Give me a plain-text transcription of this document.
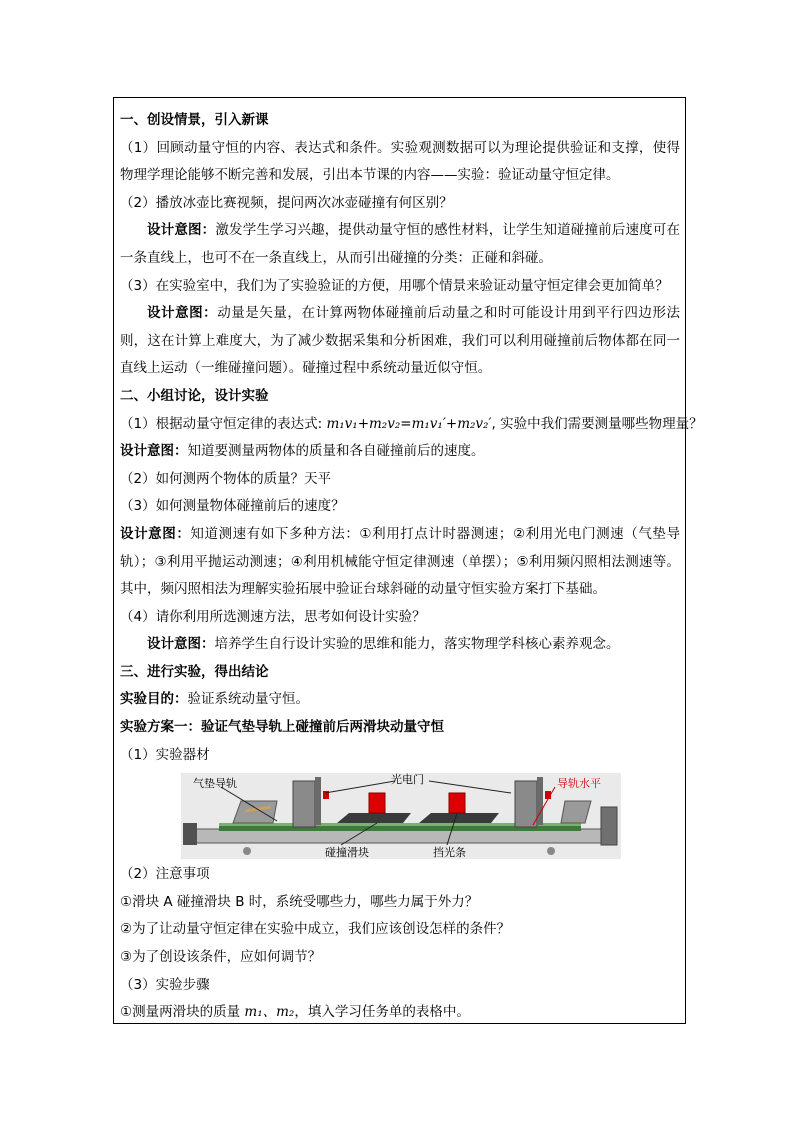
一、创设情景，引入新课
（1）回顾动量守恒的内容、表达式和条件。实验观测数据可以为理论提供验证和支撑，使得物理学理论能够不断完善和发展，引出本节课的内容——实验：验证动量守恒定律。
（2）播放冰壶比赛视频，提问两次冰壶碰撞有何区别？
设计意图：激发学生学习兴趣，提供动量守恒的感性材料，让学生知道碰撞前后速度可在一条直线上，也可不在一条直线上，从而引出碰撞的分类：正碰和斜碰。
（3）在实验室中，我们为了实验验证的方便，用哪个情景来验证动量守恒定律会更加简单？
设计意图：动量是矢量，在计算两物体碰撞前后动量之和时可能设计用到平行四边形法则，这在计算上难度大，为了减少数据采集和分析困难，我们可以利用碰撞前后物体都在同一直线上运动（一维碰撞问题）。碰撞过程中系统动量近似守恒。
二、小组讨论，设计实验
（1）根据动量守恒定律的表达式: m₁v₁+m₂v₂=m₁v₁′+m₂v₂′, 实验中我们需要测量哪些物理量？
设计意图：知道要测量两物体的质量和各自碰撞前后的速度。
（2）如何测两个物体的质量？天平
（3）如何测量物体碰撞前后的速度？
设计意图：知道测速有如下多种方法：①利用打点计时器测速；②利用光电门测速（气垫导轨）；③利用平抛运动测速；④利用机械能守恒定律测速（单摆）；⑤利用频闪照相法测速等。其中，频闪照相法为理解实验拓展中验证台球斜碰的动量守恒实验方案打下基础。
（4）请你利用所选测速方法，思考如何设计实验？
设计意图：培养学生自行设计实验的思维和能力，落实物理学科核心素养观念。
三、进行实验，得出结论
实验目的：验证系统动量守恒。
实验方案一：验证气垫导轨上碰撞前后两滑块动量守恒
（1）实验器材
气垫导轨	光电门	导轨水平
碰撞滑块	挡光条
（2）注意事项
①滑块 A 碰撞滑块 B 时，系统受哪些力，哪些力属于外力？
②为了让动量守恒定律在实验中成立，我们应该创设怎样的条件？
③为了创设该条件，应如何调节？
（3）实验步骤
①测量两滑块的质量 m₁、m₂，填入学习任务单的表格中。
